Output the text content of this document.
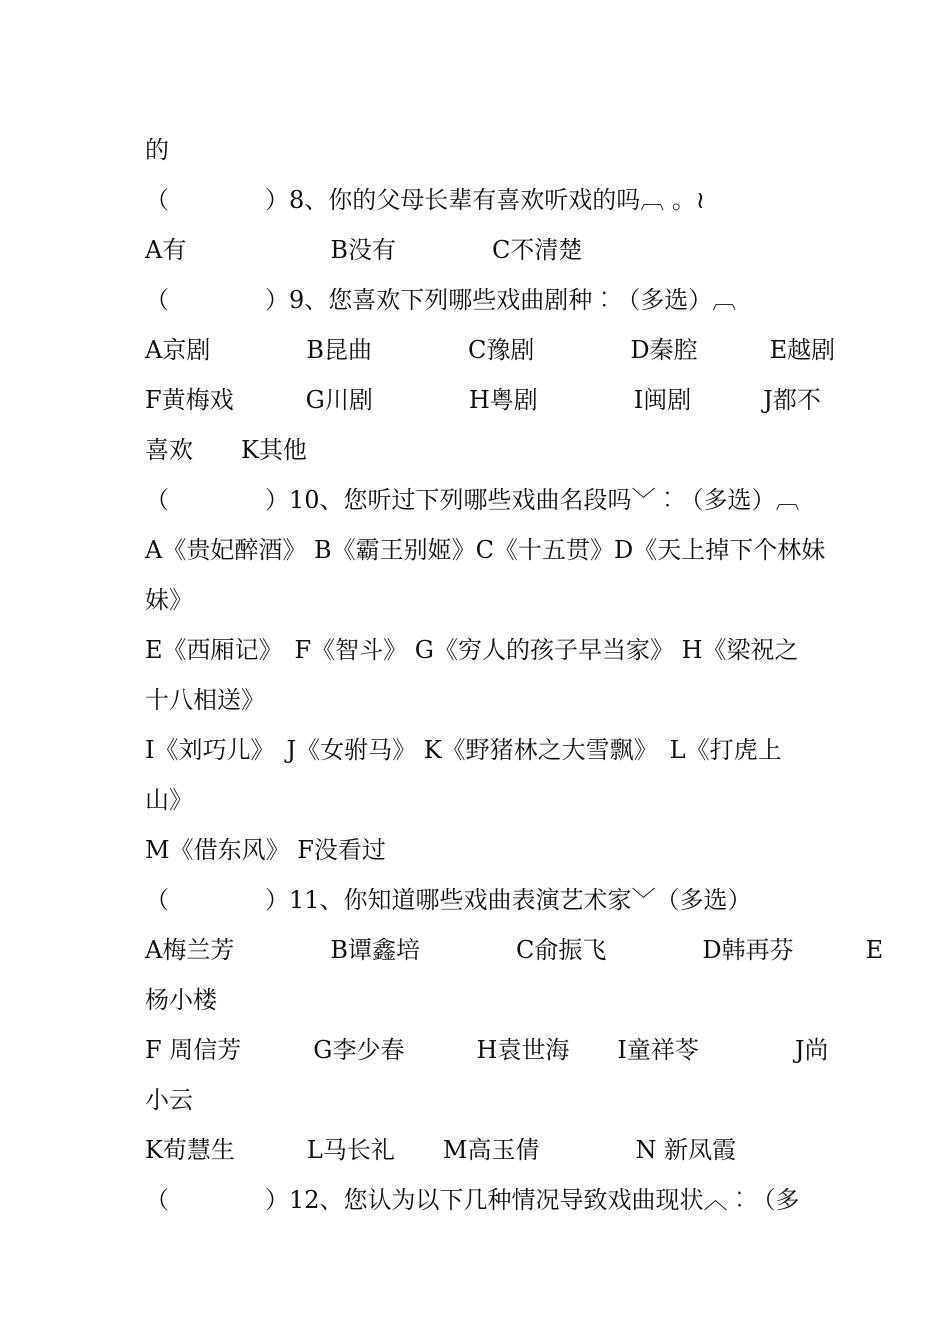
的
（　　　　）8、你的父母长辈有喜欢听戏的吗︹ 。≀
A有　　　　　　B没有　　　　C不清楚
（　　　　）9、您喜欢下列哪些戏曲剧种︰（多选）︹
A京剧　　　　B昆曲　　　　C豫剧　　　　D秦腔　　　E越剧
F黄梅戏　　　G川剧　　　　H粤剧　　　　I闽剧　　　J都不
喜欢　　K其他
（　　　　）10、您听过下列哪些戏曲名段吗﹀︰（多选）︹
A《贵妃醉酒》 B《霸王别姬》C《十五贯》D《天上掉下个林妹
妹》
E《西厢记》　F《智斗》 G《穷人的孩子早当家》 H《梁祝之
十八相送》
I《刘巧儿》　J《女驸马》 K《野猪林之大雪飘》　L《打虎上
山》
M《借东风》 F没看过
（　　　　）11、你知道哪些戏曲表演艺术家﹀（多选）
A梅兰芳　　　　B谭鑫培　　　　C俞振飞　　　　D韩再芬　　　E
杨小楼
F 周信芳　　　G李少春　　　H袁世海　　I童祥苓　　　　J尚
小云
K荀慧生　　　L马长礼　　M高玉倩　　　　N 新凤霞
（　　　　）12、您认为以下几种情况导致戏曲现状︿︰（多
